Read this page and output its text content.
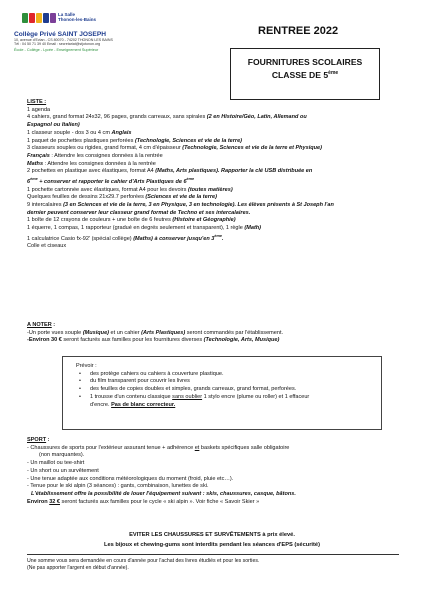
La Salle
Thonon-les-Bains
Collège Privé SAINT JOSEPH
10, avenue d'Evian - CS 80070 - 74202 THONON LES BAINS
Tél : 04 50 71 39 40 Email : secretariat@stjotonon.org
École - Collège - Lycée - Enseignement Supérieur
RENTREE 2022
FOURNITURES SCOLAIRES
CLASSE DE 5ème
LISTE :
1 agenda
4 cahiers, grand format 24x32, 96 pages, grands carreaux, sans spirales (2 en Histoire/Géo, Latin, Allemand ou
Espagnol ou Italien)
1 classeur souple - dos 3 ou 4 cm Anglais
1 paquet de pochettes plastiques perforées (Technologie, Sciences et vie de la terre)
3 classeurs souples ou rigides, grand format, 4 cm d'épaisseur (Technologie, Sciences et vie de la terre et Physique)
Français : Attendre les consignes données à la rentrée
Maths : Attendre les consignes données à la rentrée
2 pochettes en plastique avec élastiques, format A4 (Maths, Arts plastiques). Rapporter la clé USB distribuée en
6ème + conserver et rapporter le cahier d'Arts Plastiques de 6ème
1 pochette cartonnée avec élastiques, format A4 pour les devoirs (toutes matières)
Quelques feuilles de dessins 21x29.7 perforées (Sciences et vie de la terre)
9 intercalaires (3 en Sciences et vie de la terre, 3 en Physique, 3 en technologie). Les élèves présents à St Joseph l'an
dernier peuvent conserver leur classeur grand format de Techno et ses intercalaires.
1 boîte de 12 crayons de couleurs + une boîte de 6 feutres (Histoire et Géographie)
1 équerre, 1 compas, 1 rapporteur (gradué en degrés seulement et transparent), 1 règle (Math)
1 calculatrice Casio fx-92' (spécial collège) (Maths) à conserver jusqu'en 3ème.
Colle et ciseaux
A NOTER :
-Un porte vues souple (Musique) et un cahier (Arts Plastiques) seront commandés par l'établissement.
-Environ 30 € seront facturés aux familles pour les fournitures diverses (Technologie, Arts, Musique)
Prévoir :
• des protège cahiers ou cahiers à couverture plastique.
• du film transparent pour couvrir les livres
• des feuilles de copies doubles et simples, grands carreaux, grand format, perforées.
• 1 trousse d'un contenu classique sans oublier 1 stylo encre (plume ou roller) et 1 effaceur
d'encre. Pas de blanc correcteur.
SPORT :
- Chaussures de sports pour l'extérieur assurant tenue + adhérence et baskets spécifiques salle obligatoire
(non marquantes).
- Un maillot ou tee-shirt
- Un short ou un survêtement
- Une tenue adaptée aux conditions météorologiques du moment (froid, pluie etc…).
- Tenue pour le ski alpin (3 séances) : gants, combinaison, lunettes de ski.
L'établissement offre la possibilité de louer l'équipement suivant : skis, chaussures, casque, bâtons.
Environ 32 € seront facturés aux familles pour le cycle « ski alpin ». Voir fiche « Savoir Skier »
EVITER LES CHAUSSURES ET SURVÊTEMENTS à prix élevé.
Les bijoux et chewing-gums sont interdits pendant les séances d'EPS (sécurité)
Une somme vous sera demandée en cours d'année pour l'achat des livres étudiés et pour les sorties.
(Ne pas apporter l'argent en début d'année).
